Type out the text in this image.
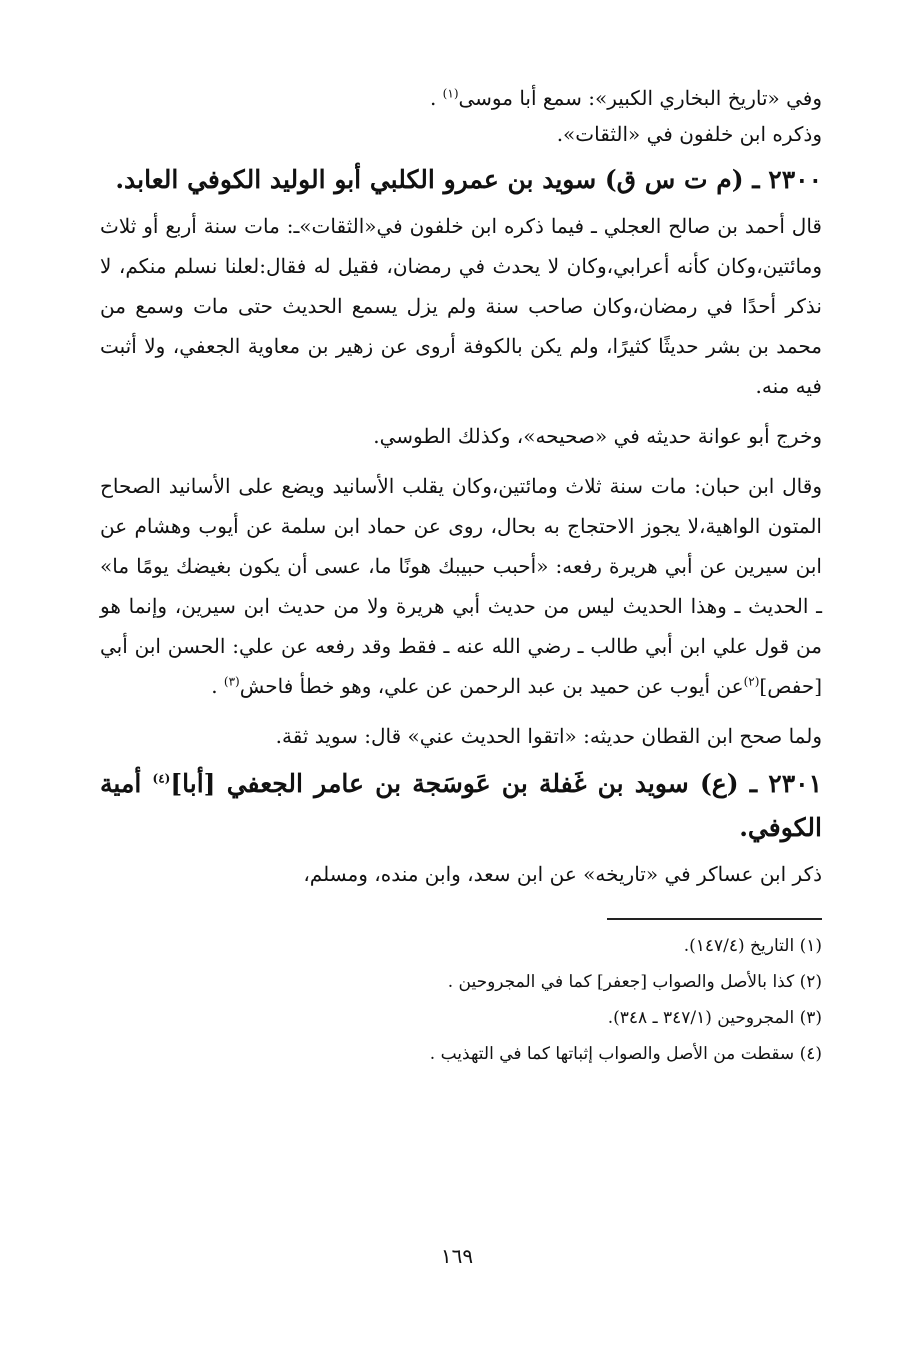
وفي «تاريخ البخاري الكبير»: سمع أبا موسى$^{(١)}$ .

وذكره ابن خلفون في «الثقات».

٢٣٠٠ ـ (م ت س ق) سويد بن عمرو الكلبي أبو الوليد الكوفي العابد.

قال أحمد بن صالح العجلي ـ فيما ذكره ابن خلفون في«الثقات»ـ: مات سنة أربع أو ثلاث ومائتين،وكان كأنه أعرابي،وكان لا يحدث في رمضان، فقيل له فقال:لعلنا نسلم منكم، لا نذكر أحدًا في رمضان،وكان صاحب سنة ولم يزل يسمع الحديث حتى مات وسمع من محمد بن بشر حديثًا كثيرًا، ولم يكن بالكوفة أروى عن زهير بن معاوية الجعفي، ولا أثبت فيه منه.

وخرج أبو عوانة حديثه في «صحيحه»، وكذلك الطوسي.

وقال ابن حبان: مات سنة ثلاث ومائتين،وكان يقلب الأسانيد ويضع على الأسانيد الصحاح المتون الواهية،لا يجوز الاحتجاج به بحال، روى عن حماد ابن سلمة عن أيوب وهشام عن ابن سيرين عن أبي هريرة رفعه: «أحبب حبيبك هونًا ما، عسى أن يكون بغيضك يومًا ما» ـ الحديث ـ وهذا الحديث ليس من حديث أبي هريرة ولا من حديث ابن سيرين، وإنما هو من قول علي ابن أبي طالب ـ رضي الله عنه ـ فقط وقد رفعه عن علي: الحسن ابن أبي [حفص]$^{(٢)}$عن أيوب عن حميد بن عبد الرحمن عن علي، وهو خطأ فاحش$^{(٣)}$ .

ولما صحح ابن القطان حديثه: «اتقوا الحديث عني» قال: سويد ثقة.

٢٣٠١ ـ (ع) سويد بن غَفلة بن عَوسَجة بن عامر الجعفي [أبا]$^{(٤)}$ أمية الكوفي.

ذكر ابن عساكر في «تاريخه» عن ابن سعد، وابن منده، ومسلم،

(١) التاريخ (١٤٧/٤).

(٢) كذا بالأصل والصواب [جعفر] كما في المجروحين .

(٣) المجروحين (٣٤٧/١ ـ ٣٤٨).

(٤) سقطت من الأصل والصواب إثباتها كما في التهذيب .

١٦٩
